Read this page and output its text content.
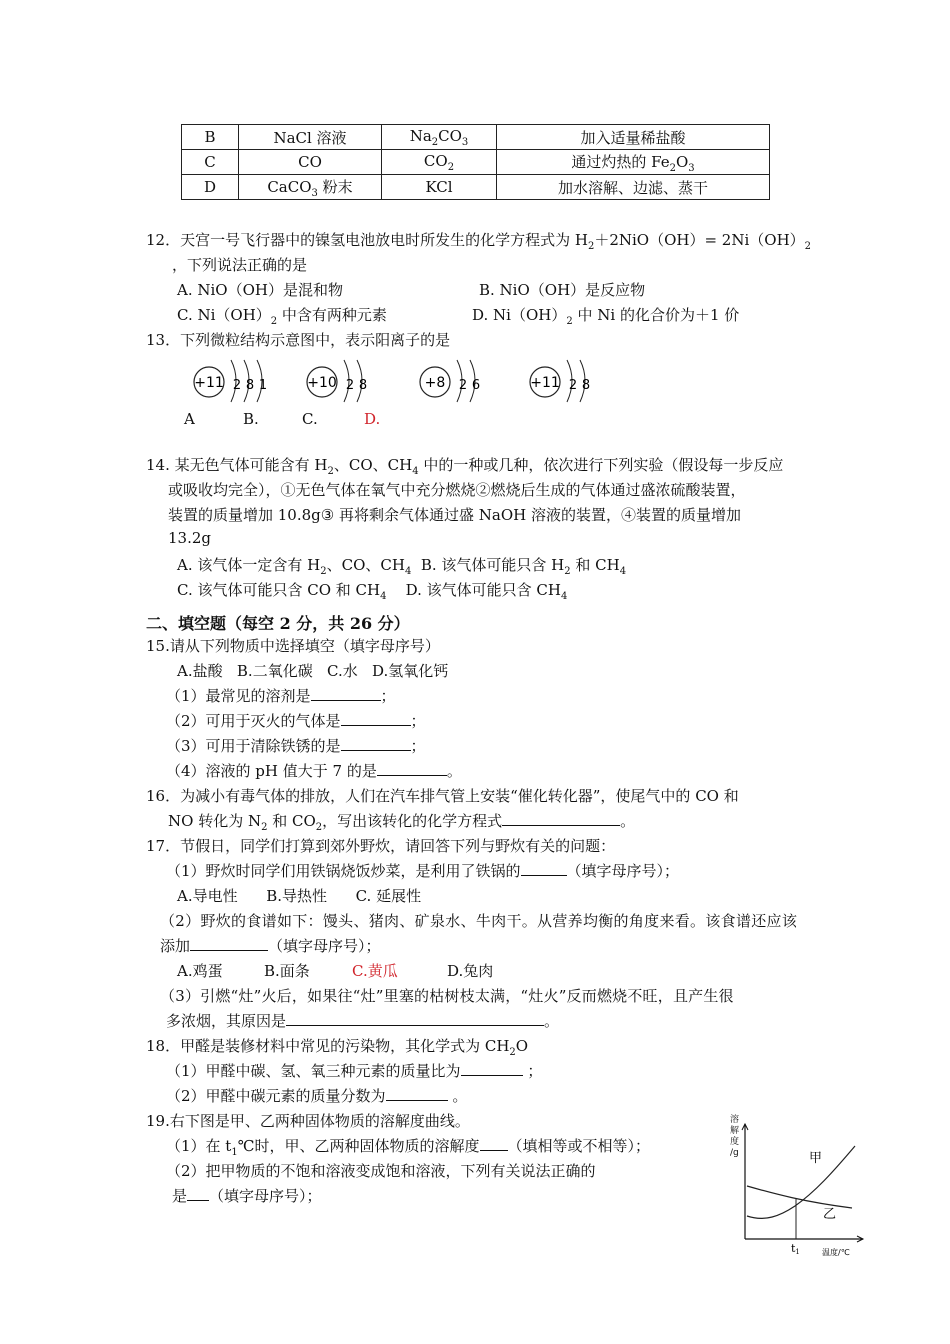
B	NaCl 溶液	$Na_2CO_3$	加入适量稀盐酸
C	CO	$CO_2$	通过灼热的 $Fe_2O_3$
D	CaCO$_3$ 粉末	KCl	加水溶解、边滤、蒸干
12．天宫一号飞行器中的镍氢电池放电时所发生的化学方程式为 $H_2+2NiO(OH)= 2Ni(OH)_2$
，下列说法正确的是
A. NiO（OH）是混和物	B. NiO（OH）是反应物
C. $Ni(OH)_2$ 中含有两种元素	D. $Ni(OH)_2$ 中 Ni 的化合价为＋1 价
13．下列微粒结构示意图中，表示阳离子的是
+11 2 8 1	+10 2 8	+8 2 6	+11 2 8
A	B.	C.	D.
14. 某无色气体可能含有 $H_2$、CO、$CH_4$ 中的一种或几种，依次进行下列实验（假设每一步反应
或吸收均完全），①无色气体在氧气中充分燃烧②燃烧后生成的气体通过盛浓硫酸装置，
装置的质量增加 10.8g③ 再将剩余气体通过盛 NaOH 溶液的装置，④装置的质量增加
13.2g
A. 该气体一定含有 $H_2$、CO、$CH_4$  B. 该气体可能只含 $H_2$ 和 $CH_4$
C. 该气体可能只含 CO 和 $CH_4$    D. 该气体可能只含 $CH_4$
二、填空题（每空 2 分，共 26 分）
15.请从下列物质中选择填空（填字母序号）
A.盐酸   B.二氧化碳   C.水   D.氢氧化钙
（1）最常见的溶剂是	；
（2）可用于灭火的气体是	；
（3）可用于清除铁锈的是	；
（4）溶液的 pH 值大于 7 的是	。
16．为减小有毒气体的排放，人们在汽车排气管上安装“催化转化器”，使尾气中的 CO 和
NO 转化为 $N_2$ 和 $CO_2$，写出该转化的化学方程式	。
17．节假日，同学们打算到郊外野炊，请回答下列与野炊有关的问题：
（1）野炊时同学们用铁锅烧饭炒菜，是利用了铁锅的	（填字母序号）；
A.导电性      B.导热性      C. 延展性
（2）野炊的食谱如下：馒头、猪肉、矿泉水、牛肉干。从营养均衡的角度来看。该食谱还应该
添加	（填字母序号）；
A.鸡蛋	B.面条	C.黄瓜	D.兔肉
（3）引燃“灶”火后，如果往“灶”里塞的枯树枝太满，“灶火”反而燃烧不旺，且产生很
多浓烟，其原因是	。
18．甲醛是装修材料中常见的污染物，其化学式为 $CH_2O$
（1）甲醛中碳、氢、氧三种元素的质量比为	；
（2）甲醛中碳元素的质量分数为	。
19.右下图是甲、乙两种固体物质的溶解度曲线。
（1）在 $t_1℃$时，甲、乙两种固体物质的溶解度 （填相等或不相等）；
（2）把甲物质的不饱和溶液变成饱和溶液，下列有关说法正确的
是 （填字母序号）；
溶
解
度
/g	甲
乙
t1	温度/℃
